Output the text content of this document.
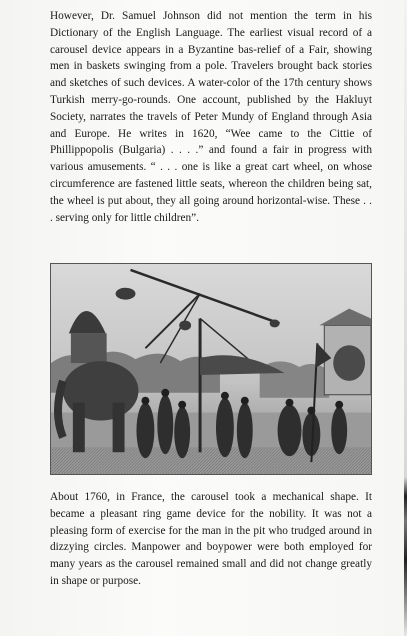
However, Dr. Samuel Johnson did not mention the term in his Dictionary of the English Language. The earliest visual record of a carousel device appears in a Byzantine bas-relief of a Fair, showing men in baskets swinging from a pole. Travelers brought back stories and sketches of such devices. A water-color of the 17th century shows Turkish merry-go-rounds. One account, published by the Hakluyt Society, narrates the travels of Peter Mundy of England through Asia and Europe. He writes in 1620, “Wee came to the Cittie of Phillippopolis (Bulgaria) . . . .” and found a fair in progress with various amusements. “ . . . one is like a great cart wheel, on whose circumference are fastened little seats, whereon the children being sat, the wheel is put about, they all going around horizontal-wise. These . . . serving only for little children”.

About 1760, in France, the carousel took a mechanical shape. It became a pleasant ring game device for the nobility. It was not a pleasing form of exercise for the man in the pit who trudged around in dizzying circles. Manpower and boypower were both employed for many years as the carousel remained small and did not change greatly in shape or purpose.
